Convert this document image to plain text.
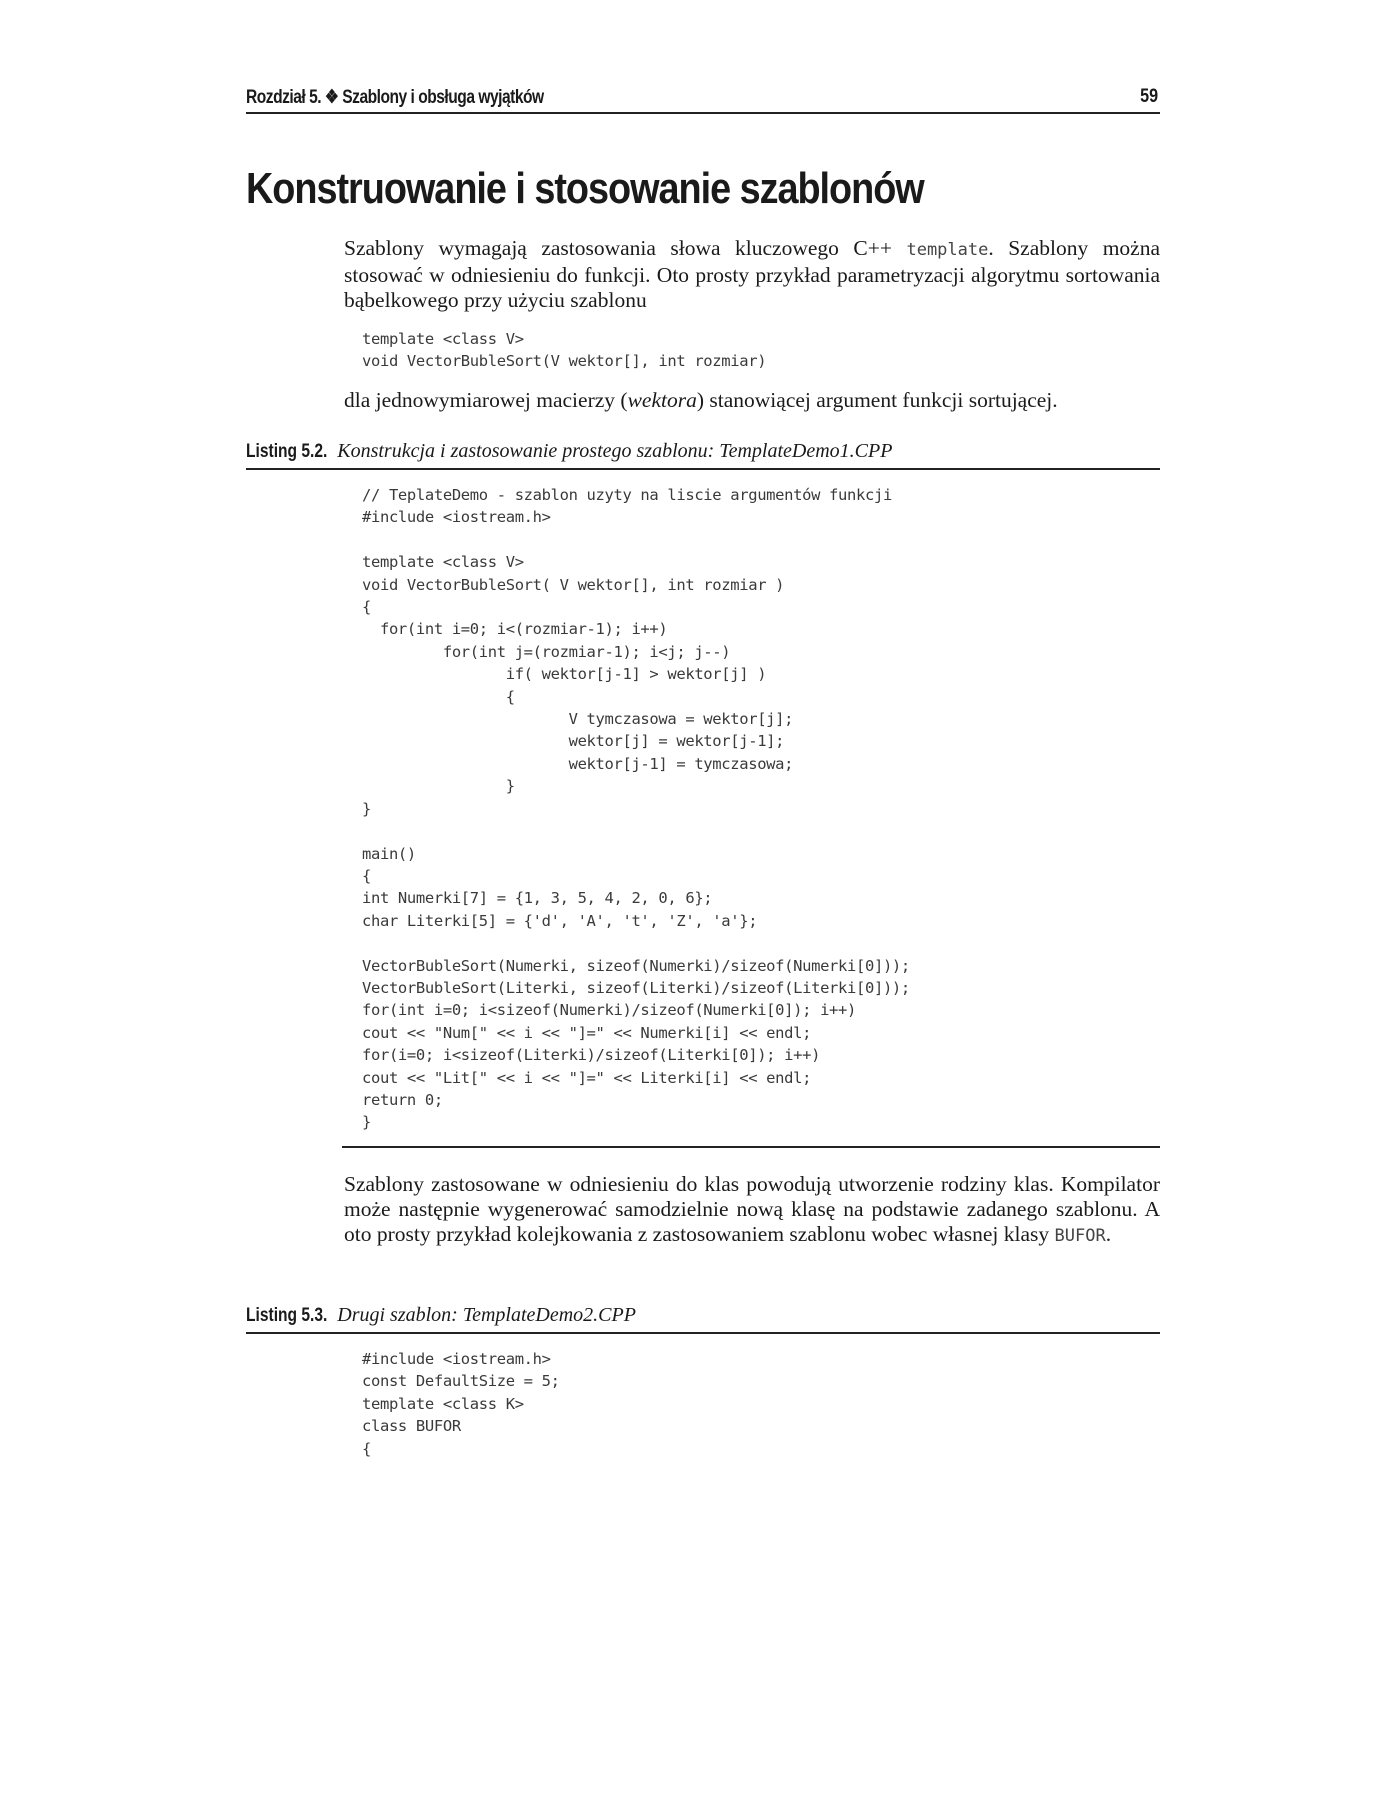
Rozdział 5. ❖ Szablony i obsługa wyjątków	59
Konstruowanie i stosowanie szablonów

Szablony wymagają zastosowania słowa kluczowego C++ template. Szablony można stosować w odniesieniu do funkcji. Oto prosty przykład parametryzacji algorytmu sortowania bąbelkowego przy użyciu szablonu

template <class V>
void VectorBubleSort(V wektor[], int rozmiar)

dla jednowymiarowej macierzy (wektora) stanowiącej argument funkcji sortującej.

Listing 5.2. Konstrukcja i zastosowanie prostego szablonu: TemplateDemo1.CPP
// TeplateDemo - szablon uzyty na liscie argumentów funkcji
#include <iostream.h>

template <class V>
void VectorBubleSort( V wektor[], int rozmiar )
{
for(int i=0; i<(rozmiar-1); i++)
for(int j=(rozmiar-1); i<j; j--)
if( wektor[j-1] > wektor[j] )
{
V tymczasowa = wektor[j];
wektor[j] = wektor[j-1];
wektor[j-1] = tymczasowa;
}
}

main()
{
int Numerki[7] = {1, 3, 5, 4, 2, 0, 6};
char Literki[5] = {'d', 'A', 't', 'Z', 'a'};

VectorBubleSort(Numerki, sizeof(Numerki)/sizeof(Numerki[0]));
VectorBubleSort(Literki, sizeof(Literki)/sizeof(Literki[0]));
for(int i=0; i<sizeof(Numerki)/sizeof(Numerki[0]); i++)
cout << "Num[" << i << "]=" << Numerki[i] << endl;
for(i=0; i<sizeof(Literki)/sizeof(Literki[0]); i++)
cout << "Lit[" << i << "]=" << Literki[i] << endl;
return 0;
}

Szablony zastosowane w odniesieniu do klas powodują utworzenie rodziny klas. Kompilator może następnie wygenerować samodzielnie nową klasę na podstawie zadanego szablonu. A oto prosty przykład kolejkowania z zastosowaniem szablonu wobec własnej klasy BUFOR.

Listing 5.3. Drugi szablon: TemplateDemo2.CPP
#include <iostream.h>
const DefaultSize = 5;
template <class K>
class BUFOR
{
